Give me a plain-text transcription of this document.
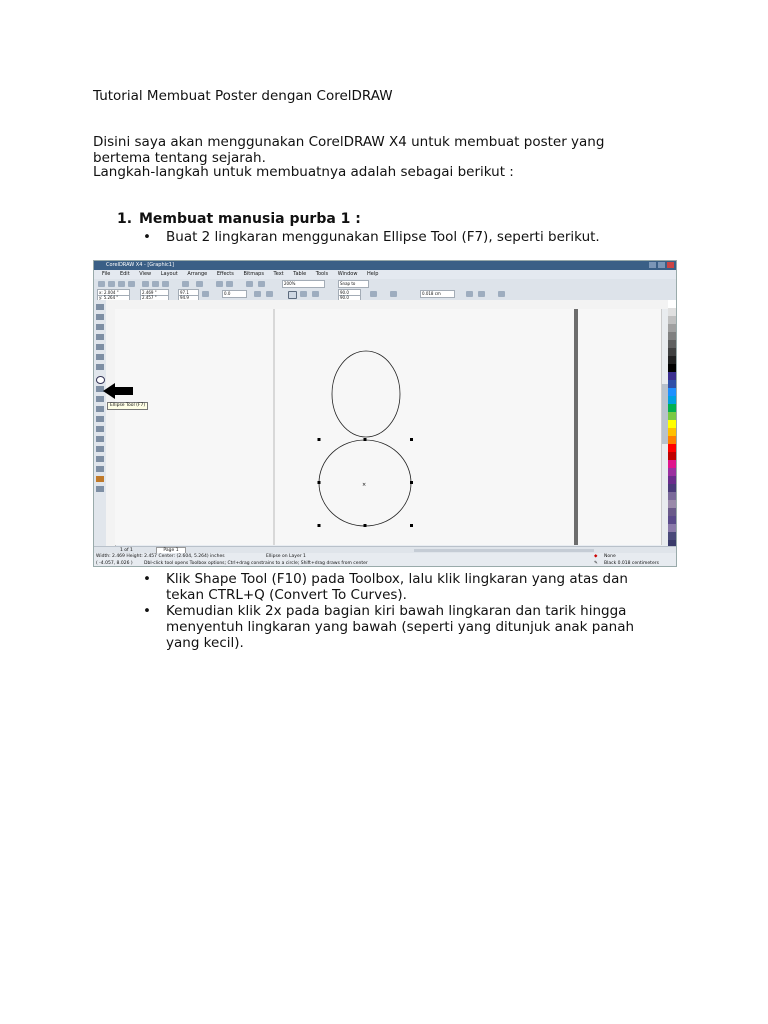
Tutorial Membuat Poster dengan CorelDRAW
Disini saya akan menggunakan CorelDRAW X4 untuk membuat poster yang
bertema tentang sejarah.
Langkah-langkah untuk membuatnya adalah sebagai berikut :
1. Membuat manusia purba 1 :
• Buat 2 lingkaran menggunakan Ellipse Tool (F7), seperti berikut.
CorelDRAW X4 - [Graphic1]
File Edit View Layout Arrange Effects Bitmaps Text Table Tools Window Help
200%	Snap to
x: 2.004 "
y: 5.264 "
2.469 "
2.457 "
97.1
94.9
0.0	90.0
90.0
0.018 cm
×
Ellipse Tool (F7)
1 of 1	Page 1
Width: 2.469 Height: 2.457 Center: (2.604, 5.264) inches	Ellipse on Layer 1	◆ None
( -4.057, 8.026 )	Dbl-click tool opens Toolbox options; Ctrl+drag constrains to a circle; Shift+drag draws from center	✎ Black 0.018 centimeters
• Klik Shape Tool (F10) pada Toolbox, lalu klik lingkaran yang atas dan
tekan CTRL+Q (Convert To Curves).
• Kemudian klik 2x pada bagian kiri bawah lingkaran dan tarik hingga
menyentuh lingkaran yang bawah (seperti yang ditunjuk anak panah
yang kecil).
